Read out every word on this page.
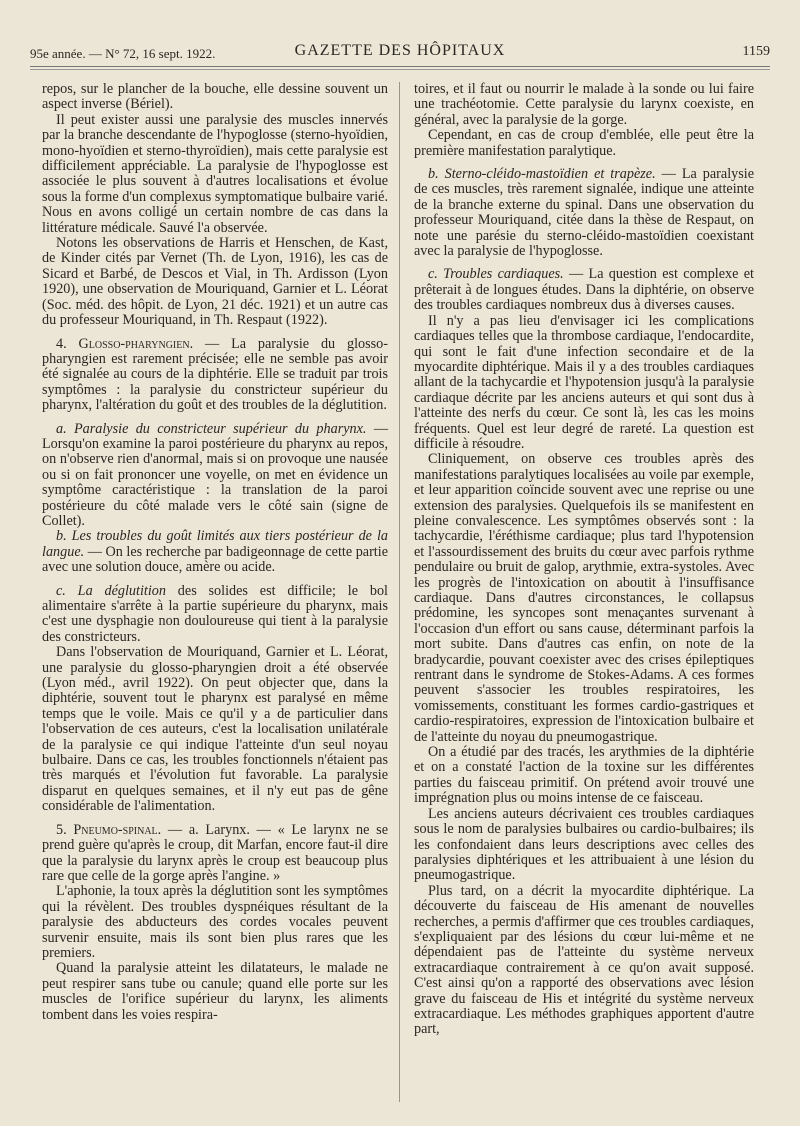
95e année. — N° 72, 16 sept. 1922.	GAZETTE DES HÔPITAUX	1159

repos, sur le plancher de la bouche, elle dessine souvent un aspect inverse (Bériel).

Il peut exister aussi une paralysie des muscles innervés par la branche descendante de l'hypoglosse (sterno-hyoïdien, mono-hyoïdien et sterno-thyroïdien), mais cette paralysie est difficilement appréciable. La paralysie de l'hypoglosse est associée le plus souvent à d'autres localisations et évolue sous la forme d'un complexus symptomatique bulbaire varié. Nous en avons colligé un certain nombre de cas dans la littérature médicale. Sauvé l'a observée.

Notons les observations de Harris et Henschen, de Kast, de Kinder cités par Vernet (Th. de Lyon, 1916), les cas de Sicard et Barbé, de Descos et Vial, in Th. Ardisson (Lyon 1920), une observation de Mouriquand, Garnier et L. Léorat (Soc. méd. des hôpit. de Lyon, 21 déc. 1921) et un autre cas du professeur Mouriquand, in Th. Respaut (1922).

4. Glosso-pharyngien. — La paralysie du glosso-pharyngien est rarement précisée; elle ne semble pas avoir été signalée au cours de la diphtérie. Elle se traduit par trois symptômes : la paralysie du constricteur supérieur du pharynx, l'altération du goût et des troubles de la déglutition.

a. Paralysie du constricteur supérieur du pharynx. — Lorsqu'on examine la paroi postérieure du pharynx au repos, on n'observe rien d'anormal, mais si on provoque une nausée ou si on fait prononcer une voyelle, on met en évidence un symptôme caractéristique : la translation de la paroi postérieure du côté malade vers le côté sain (signe de Collet).

b. Les troubles du goût limités aux tiers postérieur de la langue. — On les recherche par badigeonnage de cette partie avec une solution douce, amère ou acide.

c. La déglutition des solides est difficile; le bol alimentaire s'arrête à la partie supérieure du pharynx, mais c'est une dysphagie non douloureuse qui tient à la paralysie des constricteurs.

Dans l'observation de Mouriquand, Garnier et L. Léorat, une paralysie du glosso-pharyngien droit a été observée (Lyon méd., avril 1922). On peut objecter que, dans la diphtérie, souvent tout le pharynx est paralysé en même temps que le voile. Mais ce qu'il y a de particulier dans l'observation de ces auteurs, c'est la localisation unilatérale de la paralysie ce qui indique l'atteinte d'un seul noyau bulbaire. Dans ce cas, les troubles fonctionnels n'étaient pas très marqués et l'évolution fut favorable. La paralysie disparut en quelques semaines, et il n'y eut pas de gêne considérable de l'alimentation.

5. Pneumo-spinal. — a. Larynx. — « Le larynx ne se prend guère qu'après le croup, dit Marfan, encore faut-il dire que la paralysie du larynx après le croup est beaucoup plus rare que celle de la gorge après l'angine. »

L'aphonie, la toux après la déglutition sont les symptômes qui la révèlent. Des troubles dyspnéiques résultant de la paralysie des abducteurs des cordes vocales peuvent survenir ensuite, mais ils sont bien plus rares que les premiers.

Quand la paralysie atteint les dilatateurs, le malade ne peut respirer sans tube ou canule; quand elle porte sur les muscles de l'orifice supérieur du larynx, les aliments tombent dans les voies respira-

toires, et il faut ou nourrir le malade à la sonde ou lui faire une trachéotomie. Cette paralysie du larynx coexiste, en général, avec la paralysie de la gorge.

Cependant, en cas de croup d'emblée, elle peut être la première manifestation paralytique.

b. Sterno-cléido-mastoïdien et trapèze. — La paralysie de ces muscles, très rarement signalée, indique une atteinte de la branche externe du spinal. Dans une observation du professeur Mouriquand, citée dans la thèse de Respaut, on note une parésie du sterno-cléido-mastoïdien coexistant avec la paralysie de l'hypoglosse.

c. Troubles cardiaques. — La question est complexe et prêterait à de longues études. Dans la diphtérie, on observe des troubles cardiaques nombreux dus à diverses causes.

Il n'y a pas lieu d'envisager ici les complications cardiaques telles que la thrombose cardiaque, l'endocardite, qui sont le fait d'une infection secondaire et de la myocardite diphtérique. Mais il y a des troubles cardiaques allant de la tachycardie et l'hypotension jusqu'à la paralysie cardiaque décrite par les anciens auteurs et qui sont dus à l'atteinte des nerfs du cœur. Ce sont là, les cas les moins fréquents. Quel est leur degré de rareté. La question est difficile à résoudre.

Cliniquement, on observe ces troubles après des manifestations paralytiques localisées au voile par exemple, et leur apparition coïncide souvent avec une reprise ou une extension des paralysies. Quelquefois ils se manifestent en pleine convalescence. Les symptômes observés sont : la tachycardie, l'éréthisme cardiaque; plus tard l'hypotension et l'assourdissement des bruits du cœur avec parfois rythme pendulaire ou bruit de galop, arythmie, extra-systoles. Avec les progrès de l'intoxication on aboutit à l'insuffisance cardiaque. Dans d'autres circonstances, le collapsus prédomine, les syncopes sont menaçantes survenant à l'occasion d'un effort ou sans cause, déterminant parfois la mort subite. Dans d'autres cas enfin, on note de la bradycardie, pouvant coexister avec des crises épileptiques rentrant dans le syndrome de Stokes-Adams. A ces formes peuvent s'associer les troubles respiratoires, les vomissements, constituant les formes cardio-gastriques et cardio-respiratoires, expression de l'intoxication bulbaire et de l'atteinte du noyau du pneumogastrique.

On a étudié par des tracés, les arythmies de la diphtérie et on a constaté l'action de la toxine sur les différentes parties du faisceau primitif. On prétend avoir trouvé une imprégnation plus ou moins intense de ce faisceau.

Les anciens auteurs décrivaient ces troubles cardiaques sous le nom de paralysies bulbaires ou cardio-bulbaires; ils les confondaient dans leurs descriptions avec celles des paralysies diphtériques et les attribuaient à une lésion du pneumogastrique.

Plus tard, on a décrit la myocardite diphtérique. La découverte du faisceau de His amenant de nouvelles recherches, a permis d'affirmer que ces troubles cardiaques, s'expliquaient par des lésions du cœur lui-même et ne dépendaient pas de l'atteinte du système nerveux extracardiaque contrairement à ce qu'on avait supposé. C'est ainsi qu'on a rapporté des observations avec lésion grave du faisceau de His et intégrité du système nerveux extracardiaque. Les méthodes graphiques apportent d'autre part,
